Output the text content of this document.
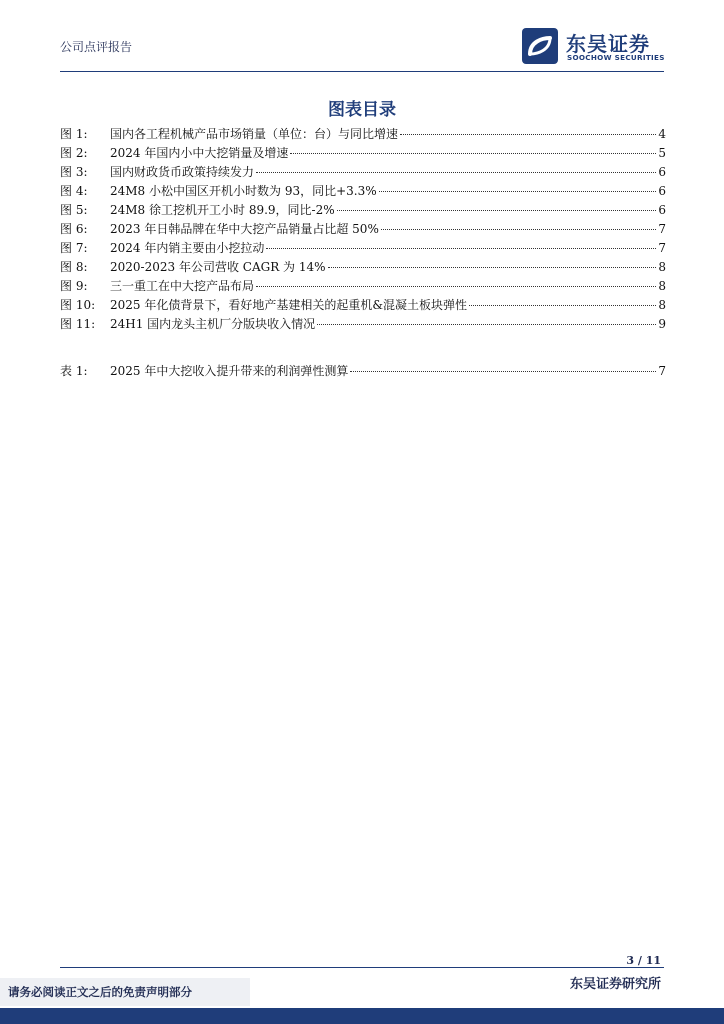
公司点评报告	东吴证券
SOOCHOW SECURITIES
图表目录
图 1:	国内各工程机械产品市场销量（单位：台）与同比增速	4
图 2:	2024 年国内小中大挖销量及增速	5
图 3:	国内财政货币政策持续发力	6
图 4:	24M8 小松中国区开机小时数为 93，同比+3.3%	6
图 5:	24M8 徐工挖机开工小时 89.9，同比-2%	6
图 6:	2023 年日韩品牌在华中大挖产品销量占比超 50%	7
图 7:	2024 年内销主要由小挖拉动	7
图 8:	2020-2023 年公司营收 CAGR 为 14%	8
图 9:	三一重工在中大挖产品布局	8
图 10:	2025 年化债背景下，看好地产基建相关的起重机&混凝土板块弹性	8
图 11:	24H1 国内龙头主机厂分版块收入情况	9
表 1:	2025 年中大挖收入提升带来的利润弹性测算	7
3 / 11
东吴证券研究所
请务必阅读正文之后的免责声明部分
